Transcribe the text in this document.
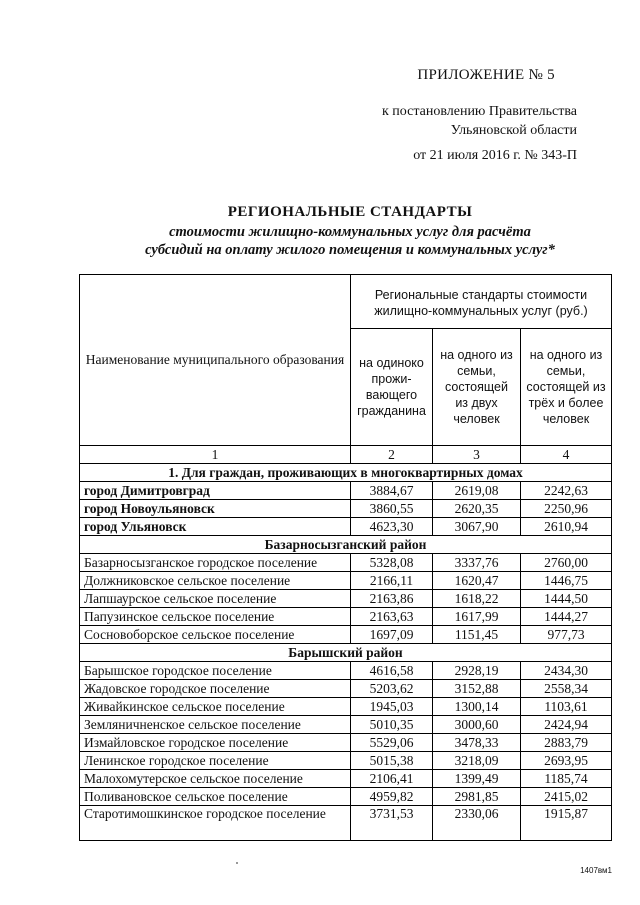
ПРИЛОЖЕНИЕ № 5
к постановлению Правительства
Ульяновской области
от 21 июля 2016 г. № 343-П
РЕГИОНАЛЬНЫЕ СТАНДАРТЫ
стоимости жилищно-коммунальных услуг для расчёта
субсидий на оплату жилого помещения и коммунальных услуг*
Наименование муниципального образования	Региональные стандарты стоимости жилищно-коммунальных услуг (руб.)		
	на одиноко прожи-вающего гражданина	на одного из семьи, состоящей из двух человек	на одного из семьи, состоящей из трёх и более человек
1	2	3	4
1. Для граждан, проживающих в многоквартирных домах			
город Димитровград	3884,67	2619,08	2242,63
город Новоульяновск	3860,55	2620,35	2250,96
город Ульяновск	4623,30	3067,90	2610,94
Базарносызганский район			
Базарносызганское городское поселение	5328,08	3337,76	2760,00
Должниковское сельское поселение	2166,11	1620,47	1446,75
Лапшаурское сельское поселение	2163,86	1618,22	1444,50
Папузинское сельское поселение	2163,63	1617,99	1444,27
Сосновоборское сельское поселение	1697,09	1151,45	977,73
Барышский район			
Барышское городское поселение	4616,58	2928,19	2434,30
Жадовское городское поселение	5203,62	3152,88	2558,34
Живайкинское сельское поселение	1945,03	1300,14	1103,61
Земляничненское сельское поселение	5010,35	3000,60	2424,94
Измайловское городское поселение	5529,06	3478,33	2883,79
Ленинское городское поселение	5015,38	3218,09	2693,95
Малохомутерское сельское поселение	2106,41	1399,49	1185,74
Поливановское сельское поселение	4959,82	2981,85	2415,02
Старотимошкинское городское поселение	3731,53	2330,06	1915,87
1407вм1
